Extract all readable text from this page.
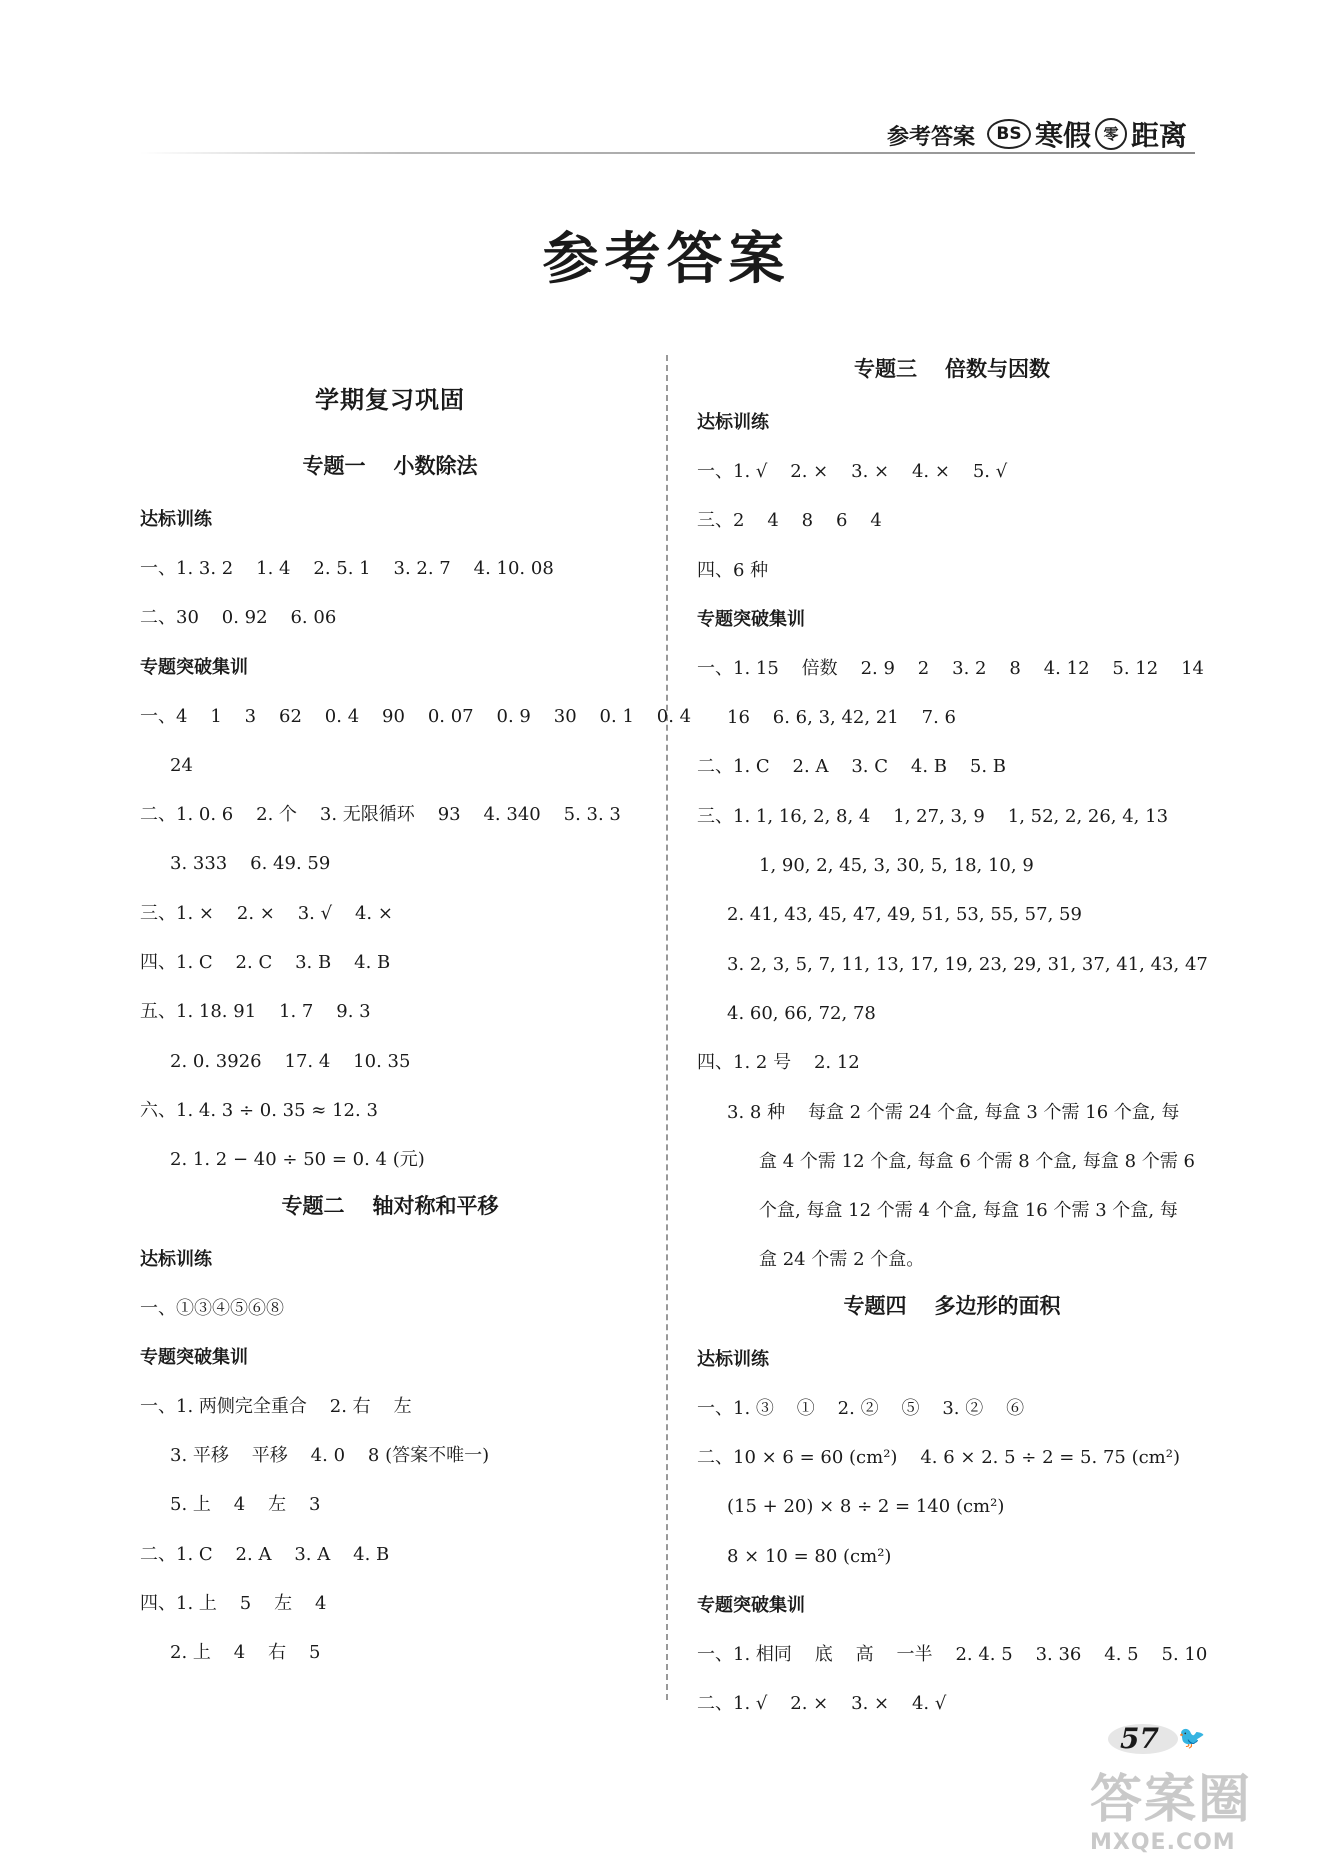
参考答案	BS 寒假 零 距离
参考答案
学期复习巩固
专题一 小数除法
达标训练
一、1. 3. 2    1. 4    2. 5. 1    3. 2. 7    4. 10. 08
二、30    0. 92    6. 06
专题突破集训
一、4    1    3    62    0. 4    90    0. 07    0. 9    30    0. 1    0. 4
24
二、1. 0. 6    2. 个    3. 无限循环    93    4. 340    5. 3. 3
3. 333    6. 49. 59
三、1. ×    2. ×    3. √    4. ×
四、1. C    2. C    3. B    4. B
五、1. 18. 91    1. 7    9. 3
2. 0. 3926    17. 4    10. 35
六、1. 4. 3 ÷ 0. 35 ≈ 12. 3
2. 1. 2 − 40 ÷ 50 = 0. 4 (元)
专题二 轴对称和平移
达标训练
一、①③④⑤⑥⑧
专题突破集训
一、1. 两侧完全重合    2. 右    左
3. 平移    平移    4. 0    8 (答案不唯一)
5. 上    4    左    3
二、1. C    2. A    3. A    4. B
四、1. 上    5    左    4
2. 上    4    右    5
专题三 倍数与因数
达标训练
一、1. √    2. ×    3. ×    4. ×    5. √
三、2    4    8    6    4
四、6 种
专题突破集训
一、1. 15    倍数    2. 9    2    3. 2    8    4. 12    5. 12    14
16    6. 6, 3, 42, 21    7. 6
二、1. C    2. A    3. C    4. B    5. B
三、1. 1, 16, 2, 8, 4    1, 27, 3, 9    1, 52, 2, 26, 4, 13
1, 90, 2, 45, 3, 30, 5, 18, 10, 9
2. 41, 43, 45, 47, 49, 51, 53, 55, 57, 59
3. 2, 3, 5, 7, 11, 13, 17, 19, 23, 29, 31, 37, 41, 43, 47
4. 60, 66, 72, 78
四、1. 2 号    2. 12
3. 8 种    每盒 2 个需 24 个盒, 每盒 3 个需 16 个盒, 每
盒 4 个需 12 个盒, 每盒 6 个需 8 个盒, 每盒 8 个需 6
个盒, 每盒 12 个需 4 个盒, 每盒 16 个需 3 个盒, 每
盒 24 个需 2 个盒。
专题四 多边形的面积
达标训练
一、1. ③    ①    2. ②    ⑤    3. ②    ⑥
二、10 × 6 = 60 (cm²)    4. 6 × 2. 5 ÷ 2 = 5. 75 (cm²)
(15 + 20) × 8 ÷ 2 = 140 (cm²)
8 × 10 = 80 (cm²)
专题突破集训
一、1. 相同    底    高    一半    2. 4. 5    3. 36    4. 5    5. 10
二、1. √    2. ×    3. ×    4. √
57 🐦
答案圈
MXQE.COM
